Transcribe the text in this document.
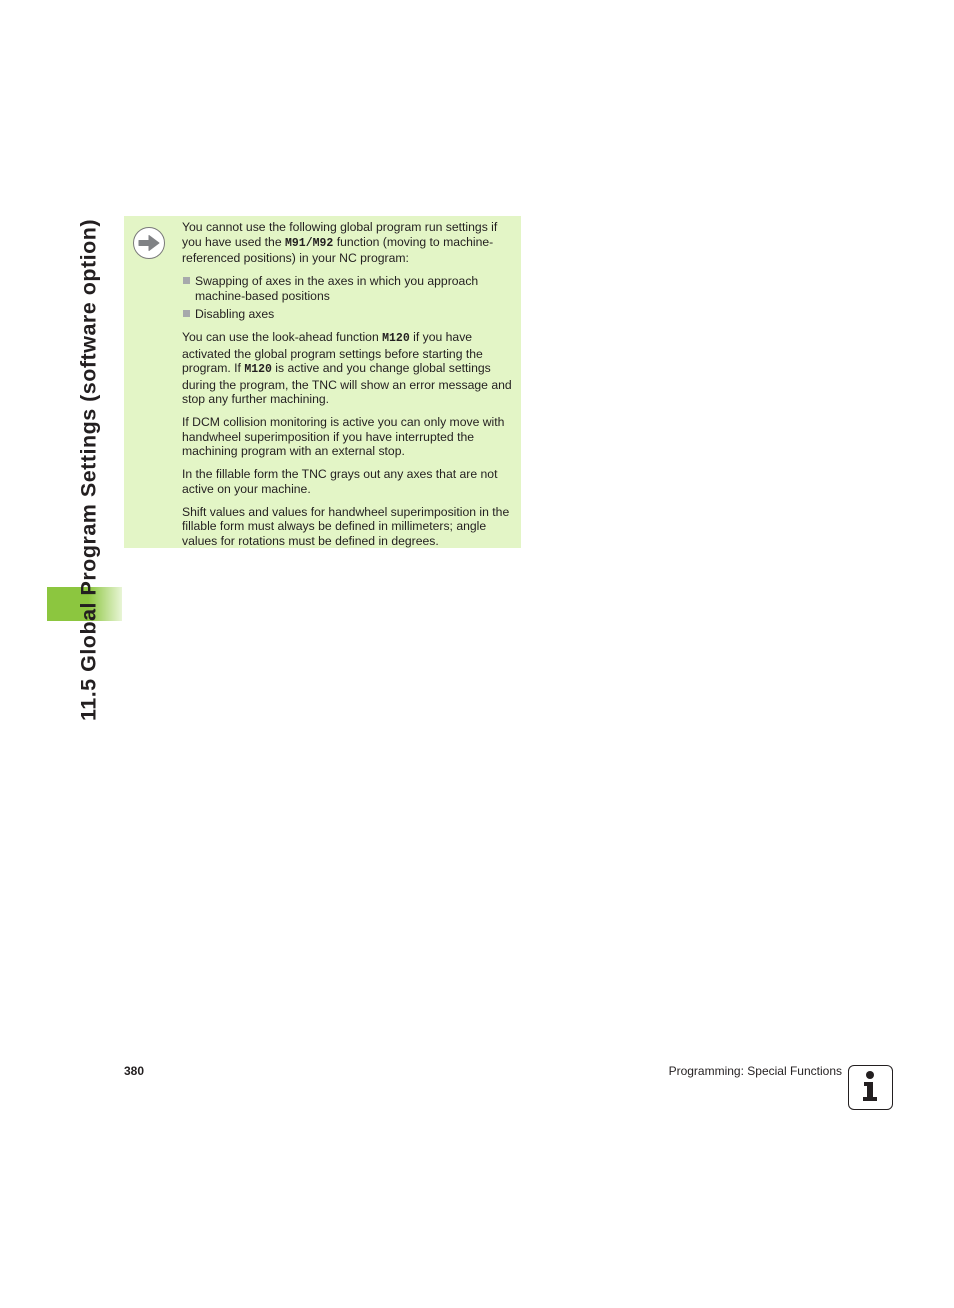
11.5 Global Program Settings (software option)	You cannot use the following global program run settings if you have used the M91/M92 function (moving to machine-referenced positions) in your NC program:

Swapping of axes in the axes in which you approach machine-based positions

Disabling axes

You can use the look-ahead function M120 if you have activated the global program settings before starting the program. If M120 is active and you change global settings during the program, the TNC will show an error message and stop any further machining.

If DCM collision monitoring is active you can only move with handwheel superimposition if you have interrupted the machining program with an external stop.

In the fillable form the TNC grays out any axes that are not active on your machine.

Shift values and values for handwheel superimposition in the fillable form must always be defined in millimeters; angle values for rotations must be defined in degrees.

380	Programming: Special Functions
